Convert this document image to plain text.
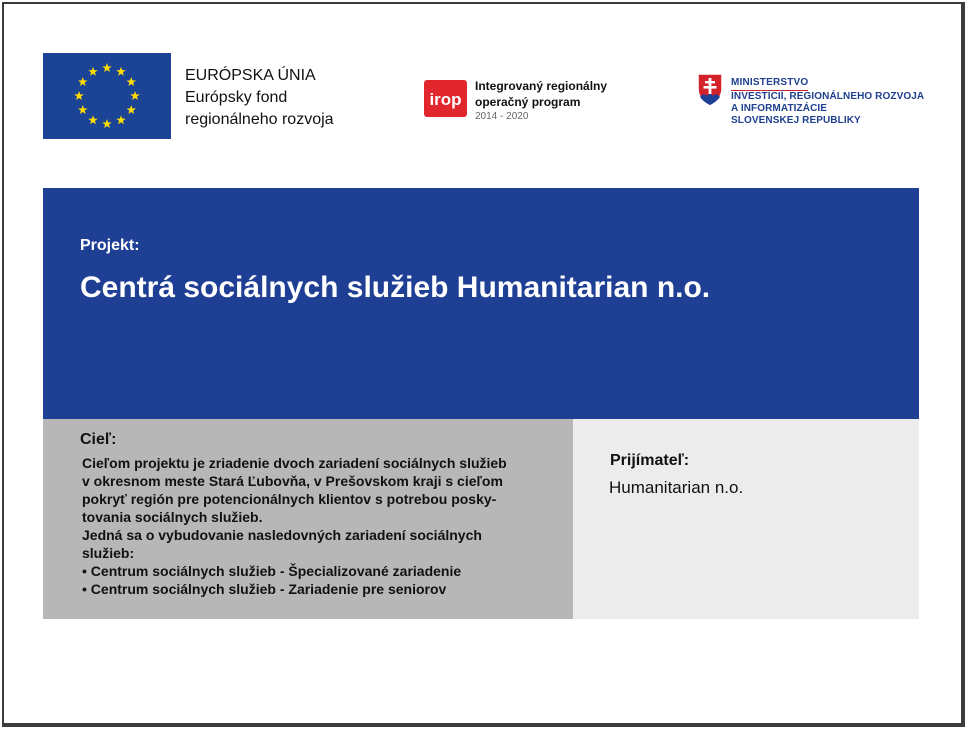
EURÓPSKA ÚNIA
Európsky fond
regionálneho rozvoja
irop
Integrovaný regionálny
operačný program
2014 - 2020
MINISTERSTVO
INVESTÍCIÍ, REGIONÁLNEHO ROZVOJA
A INFORMATIZÁCIE
SLOVENSKEJ REPUBLIKY
Projekt:
Centrá sociálnych služieb Humanitarian n.o.
Cieľ:
Cieľom projektu je zriadenie dvoch zariadení sociálnych služieb
v okresnom meste Stará Ľubovňa, v Prešovskom kraji s cieľom
pokryť región pre potencionálnych klientov s potrebou posky-
tovania sociálnych služieb.
Jedná sa o vybudovanie nasledovných zariadení sociálnych
služieb:
• Centrum sociálnych služieb - Špecializované zariadenie
• Centrum sociálnych služieb - Zariadenie pre seniorov
Prijímateľ:
Humanitarian n.o.
